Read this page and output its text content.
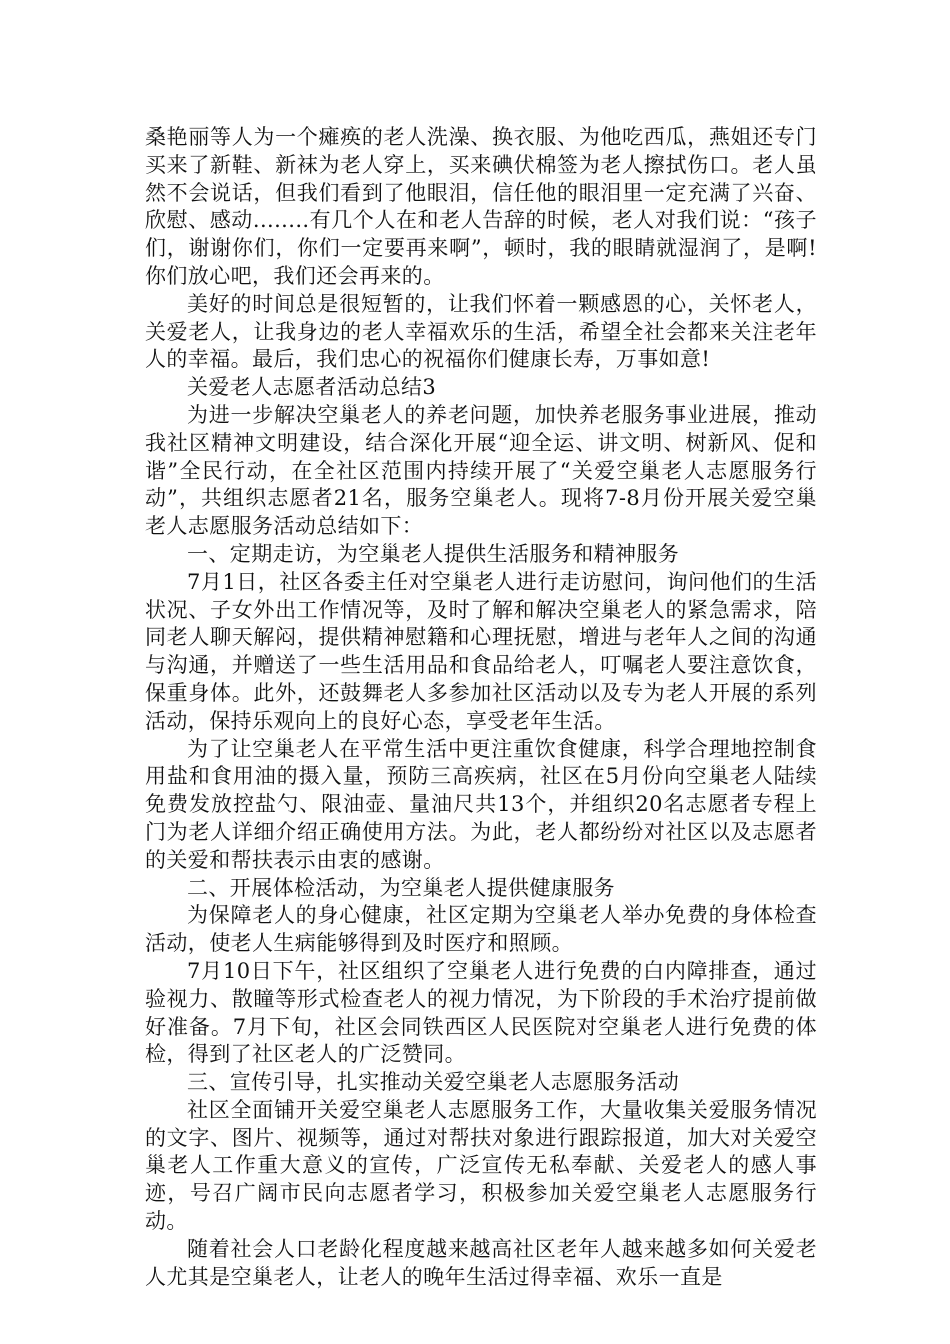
桑艳丽等人为一个瘫痪的老人洗澡、换衣服、为他吃西瓜，燕姐还专门买来了新鞋、新袜为老人穿上，买来碘伏棉签为老人擦拭伤口。老人虽然不会说话，但我们看到了他眼泪，信任他的眼泪里一定充满了兴奋、欣慰、感动........有几个人在和老人告辞的时候，老人对我们说：“孩子们，谢谢你们，你们一定要再来啊”，顿时，我的眼睛就湿润了，是啊!你们放心吧，我们还会再来的。

美好的时间总是很短暂的，让我们怀着一颗感恩的心，关怀老人，关爱老人，让我身边的老人幸福欢乐的生活，希望全社会都来关注老年人的幸福。最后，我们忠心的祝福你们健康长寿，万事如意!

关爱老人志愿者活动总结3

为进一步解决空巢老人的养老问题，加快养老服务事业进展，推动我社区精神文明建设，结合深化开展“迎全运、讲文明、树新风、促和谐”全民行动，在全社区范围内持续开展了“关爱空巢老人志愿服务行动”，共组织志愿者21名，服务空巢老人。现将7-8月份开展关爱空巢老人志愿服务活动总结如下：

一、定期走访，为空巢老人提供生活服务和精神服务

7月1日，社区各委主任对空巢老人进行走访慰问，询问他们的生活状况、子女外出工作情况等，及时了解和解决空巢老人的紧急需求，陪同老人聊天解闷，提供精神慰籍和心理抚慰，增进与老年人之间的沟通与沟通，并赠送了一些生活用品和食品给老人，叮嘱老人要注意饮食，保重身体。此外，还鼓舞老人多参加社区活动以及专为老人开展的系列活动，保持乐观向上的良好心态，享受老年生活。

为了让空巢老人在平常生活中更注重饮食健康，科学合理地控制食用盐和食用油的摄入量，预防三高疾病，社区在5月份向空巢老人陆续免费发放控盐勺、限油壶、量油尺共13个，并组织20名志愿者专程上门为老人详细介绍正确使用方法。为此，老人都纷纷对社区以及志愿者的关爱和帮扶表示由衷的感谢。

二、开展体检活动，为空巢老人提供健康服务

为保障老人的身心健康，社区定期为空巢老人举办免费的身体检查活动，使老人生病能够得到及时医疗和照顾。

7月10日下午，社区组织了空巢老人进行免费的白内障排查，通过验视力、散瞳等形式检查老人的视力情况，为下阶段的手术治疗提前做好准备。7月下旬，社区会同铁西区人民医院对空巢老人进行免费的体检，得到了社区老人的广泛赞同。

三、宣传引导，扎实推动关爱空巢老人志愿服务活动

社区全面铺开关爱空巢老人志愿服务工作，大量收集关爱服务情况的文字、图片、视频等，通过对帮扶对象进行跟踪报道，加大对关爱空巢老人工作重大意义的宣传，广泛宣传无私奉献、关爱老人的感人事迹，号召广阔市民向志愿者学习，积极参加关爱空巢老人志愿服务行动。

随着社会人口老龄化程度越来越高社区老年人越来越多如何关爱老人尤其是空巢老人，让老人的晚年生活过得幸福、欢乐一直是
